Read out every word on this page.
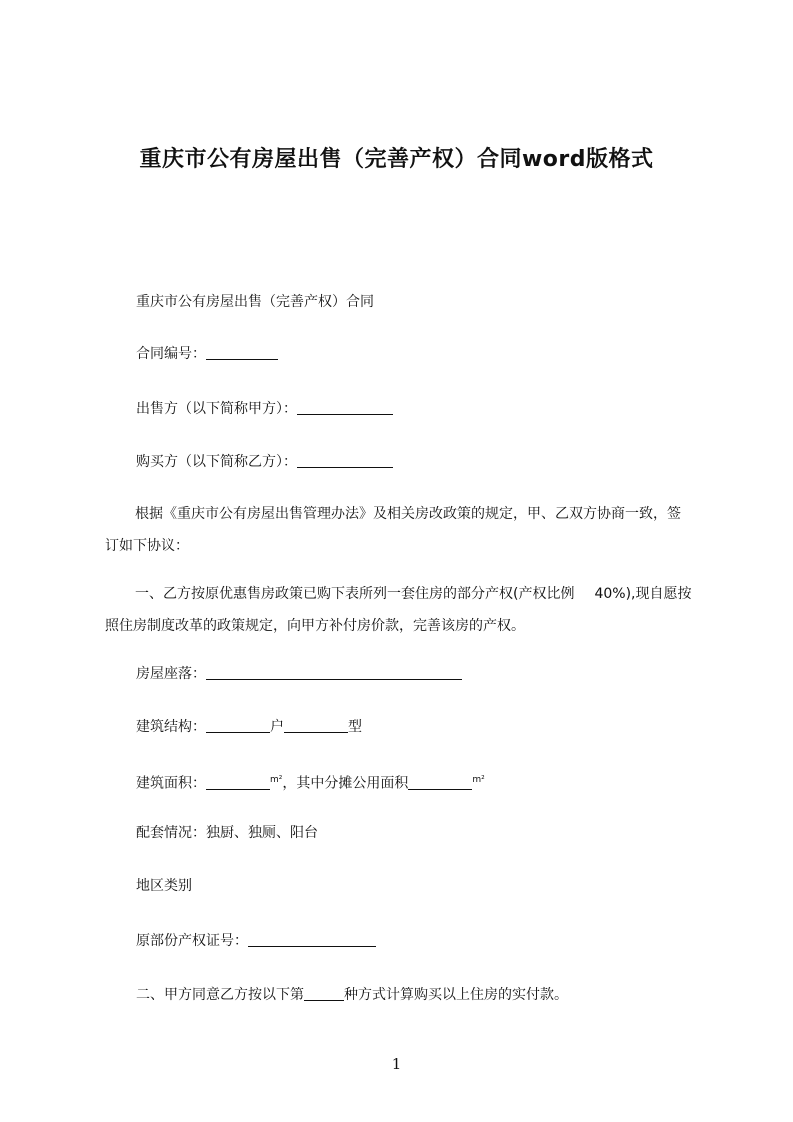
重庆市公有房屋出售（完善产权）合同word版格式
重庆市公有房屋出售（完善产权）合同
合同编号：
出售方（以下简称甲方）：
购买方（以下简称乙方）：
根据《重庆市公有房屋出售管理办法》及相关房改政策的规定，甲、乙双方协商一致，签订如下协议：
一、乙方按原优惠售房政策已购下表所列一套住房的部分产权(产权比例 40%),现自愿按照住房制度改革的政策规定，向甲方补付房价款，完善该房的产权。
房屋座落：
建筑结构：	户	型
建筑面积：	$^{m^2}$，其中分摊公用面积	$^{m^2}$
配套情况：独厨、独厕、阳台
地区类别
原部份产权证号：
二、甲方同意乙方按以下第	种方式计算购买以上住房的实付款。
1
